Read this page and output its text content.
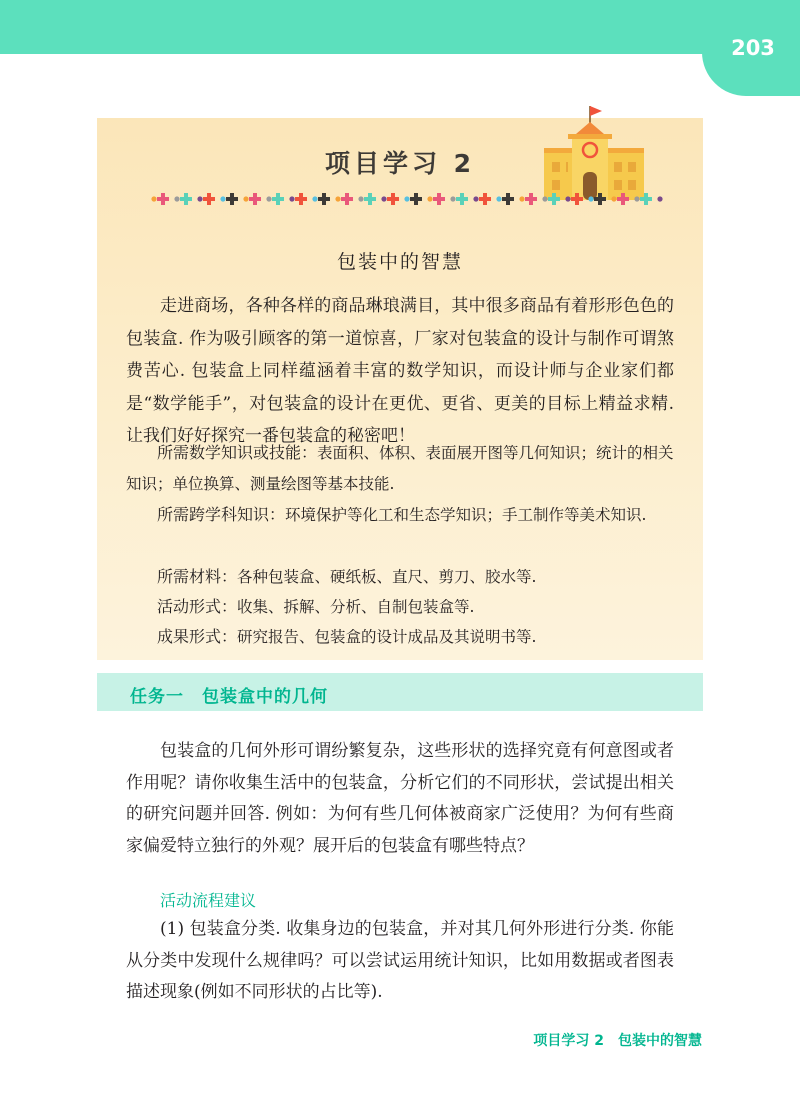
203
项目学习 2
包装中的智慧
走进商场，各种各样的商品琳琅满目，其中很多商品有着形形色色的包装盒. 作为吸引顾客的第一道惊喜，厂家对包装盒的设计与制作可谓煞费苦心. 包装盒上同样蕴涵着丰富的数学知识，而设计师与企业家们都是“数学能手”，对包装盒的设计在更优、更省、更美的目标上精益求精. 让我们好好探究一番包装盒的秘密吧！
所需数学知识或技能：表面积、体积、表面展开图等几何知识；统计的相关知识；单位换算、测量绘图等基本技能.
所需跨学科知识：环境保护等化工和生态学知识；手工制作等美术知识.
所需材料：各种包装盒、硬纸板、直尺、剪刀、胶水等.
活动形式：收集、拆解、分析、自制包装盒等.
成果形式：研究报告、包装盒的设计成品及其说明书等.
任务一　包装盒中的几何
包装盒的几何外形可谓纷繁复杂，这些形状的选择究竟有何意图或者作用呢？请你收集生活中的包装盒，分析它们的不同形状，尝试提出相关的研究问题并回答. 例如：为何有些几何体被商家广泛使用？为何有些商家偏爱特立独行的外观？展开后的包装盒有哪些特点？
活动流程建议
(1) 包装盒分类. 收集身边的包装盒，并对其几何外形进行分类. 你能从分类中发现什么规律吗？可以尝试运用统计知识，比如用数据或者图表描述现象(例如不同形状的占比等).
项目学习 2　包装中的智慧
